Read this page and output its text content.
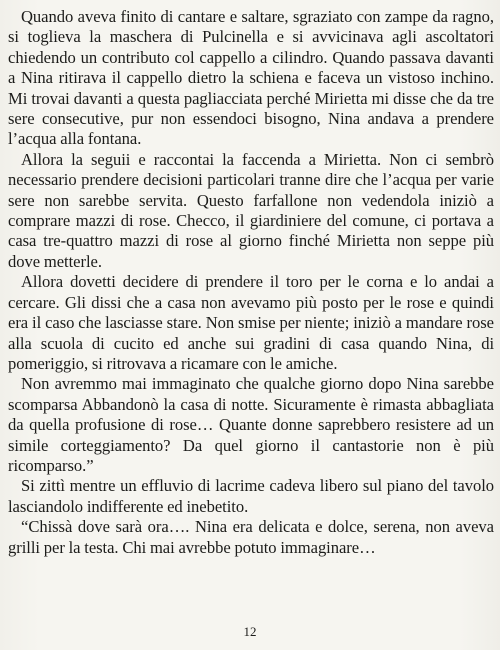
Quando aveva finito di cantare e saltare, sgraziato con zampe da ragno, si toglieva la maschera di Pulcinella e si avvicinava agli ascoltatori chiedendo un contributo col cappello a cilindro. Quando passava davanti a Nina ritirava il cappello dietro la schiena e faceva un vistoso inchino. Mi trovai davanti a questa pagliacciata perché Mirietta mi disse che da tre sere consecutive, pur non essendoci bisogno, Nina andava a prendere l’acqua alla fontana.

Allora la seguii e raccontai la faccenda a Mirietta. Non ci sembrò necessario prendere decisioni particolari tranne dire che l’acqua per varie sere non sarebbe servita. Questo farfallone non vedendola iniziò a comprare mazzi di rose. Checco, il giardiniere del comune, ci portava a casa tre-quattro mazzi di rose al giorno finché Mirietta non seppe più dove metterle.

Allora dovetti decidere di prendere il toro per le corna e lo andai a cercare. Gli dissi che a casa non avevamo più posto per le rose e quindi era il caso che lasciasse stare. Non smise per niente; iniziò a mandare rose alla scuola di cucito ed anche sui gradini di casa quando Nina, di pomeriggio, si ritrovava a ricamare con le amiche.

Non avremmo mai immaginato che qualche giorno dopo Nina sarebbe scomparsa Abbandonò la casa di notte. Sicuramente è rimasta abbagliata da quella profusione di rose… Quante donne saprebbero resistere ad un simile corteggiamento? Da quel giorno il cantastorie non è più ricomparso.”

Si zittì mentre un effluvio di lacrime cadeva libero sul piano del tavolo lasciandolo indifferente ed inebetito.

“Chissà dove sarà ora…. Nina era delicata e dolce, serena, non aveva grilli per la testa. Chi mai avrebbe potuto immaginare…

12
